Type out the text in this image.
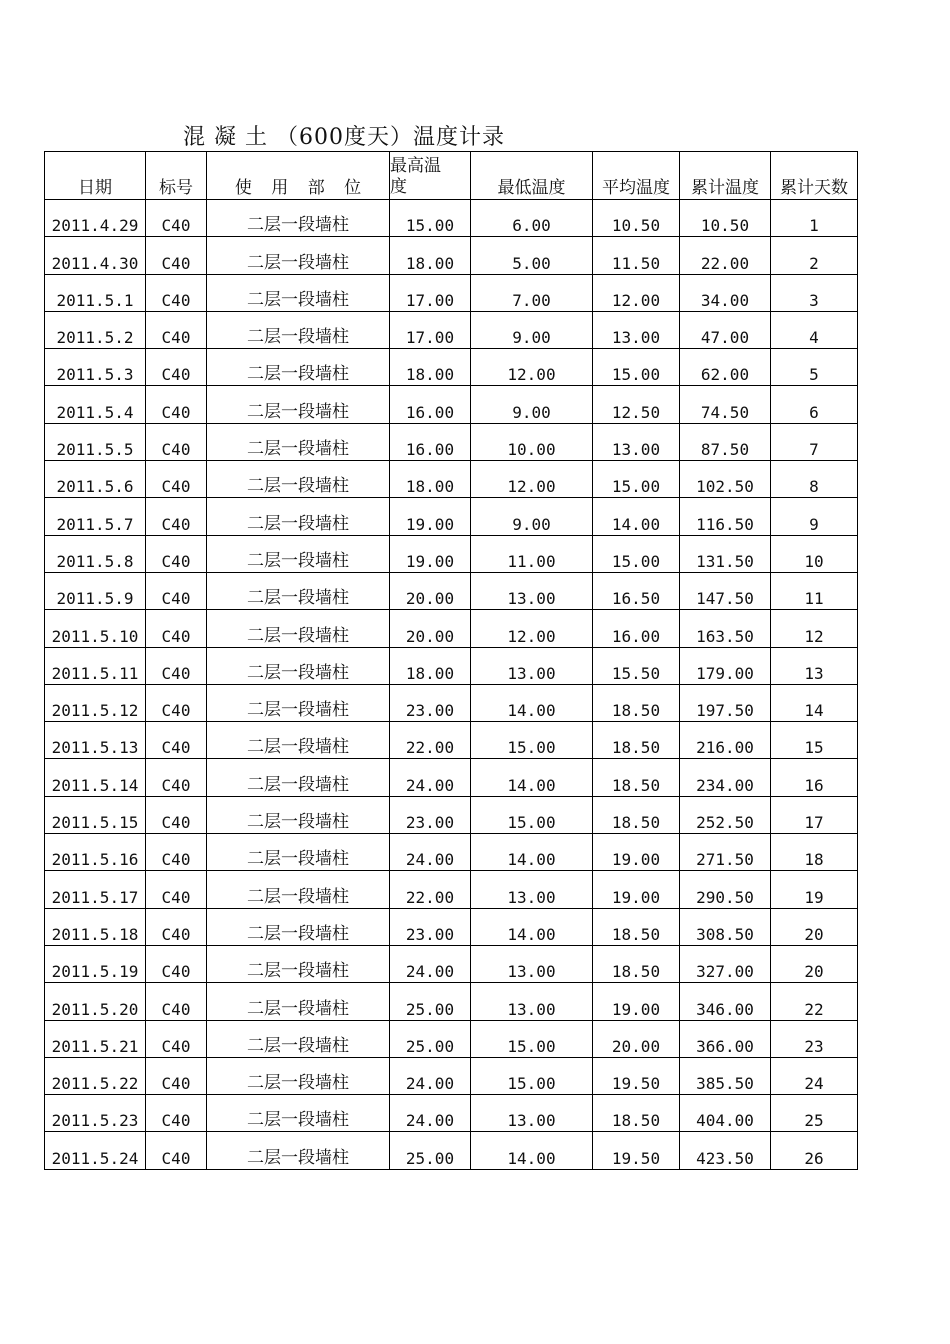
混 凝 土 （600度天）温度计录
日期	标号	使 用 部 位	最高温度	最低温度	平均温度	累计温度	累计天数
2011.4.29	C40	二层一段墙柱	15.00	6.00	10.50	10.50	1
2011.4.30	C40	二层一段墙柱	18.00	5.00	11.50	22.00	2
2011.5.1	C40	二层一段墙柱	17.00	7.00	12.00	34.00	3
2011.5.2	C40	二层一段墙柱	17.00	9.00	13.00	47.00	4
2011.5.3	C40	二层一段墙柱	18.00	12.00	15.00	62.00	5
2011.5.4	C40	二层一段墙柱	16.00	9.00	12.50	74.50	6
2011.5.5	C40	二层一段墙柱	16.00	10.00	13.00	87.50	7
2011.5.6	C40	二层一段墙柱	18.00	12.00	15.00	102.50	8
2011.5.7	C40	二层一段墙柱	19.00	9.00	14.00	116.50	9
2011.5.8	C40	二层一段墙柱	19.00	11.00	15.00	131.50	10
2011.5.9	C40	二层一段墙柱	20.00	13.00	16.50	147.50	11
2011.5.10	C40	二层一段墙柱	20.00	12.00	16.00	163.50	12
2011.5.11	C40	二层一段墙柱	18.00	13.00	15.50	179.00	13
2011.5.12	C40	二层一段墙柱	23.00	14.00	18.50	197.50	14
2011.5.13	C40	二层一段墙柱	22.00	15.00	18.50	216.00	15
2011.5.14	C40	二层一段墙柱	24.00	14.00	18.50	234.00	16
2011.5.15	C40	二层一段墙柱	23.00	15.00	18.50	252.50	17
2011.5.16	C40	二层一段墙柱	24.00	14.00	19.00	271.50	18
2011.5.17	C40	二层一段墙柱	22.00	13.00	19.00	290.50	19
2011.5.18	C40	二层一段墙柱	23.00	14.00	18.50	308.50	20
2011.5.19	C40	二层一段墙柱	24.00	13.00	18.50	327.00	20
2011.5.20	C40	二层一段墙柱	25.00	13.00	19.00	346.00	22
2011.5.21	C40	二层一段墙柱	25.00	15.00	20.00	366.00	23
2011.5.22	C40	二层一段墙柱	24.00	15.00	19.50	385.50	24
2011.5.23	C40	二层一段墙柱	24.00	13.00	18.50	404.00	25
2011.5.24	C40	二层一段墙柱	25.00	14.00	19.50	423.50	26
